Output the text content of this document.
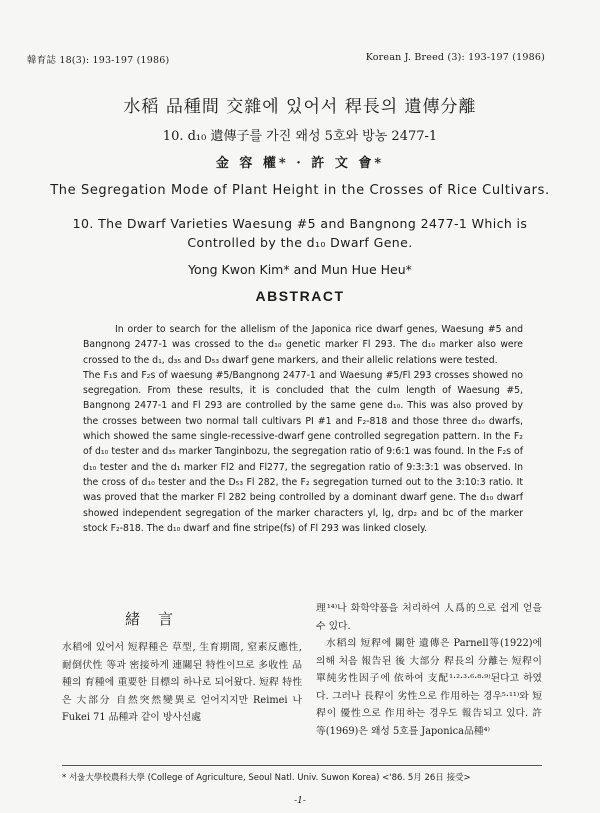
韓育誌 18(3): 193-197 (1986)	Korean J. Breed (3): 193-197 (1986)
水稻 品種間 交雜에 있어서 稈長의 遺傳分離
10. d₁₀ 遺傳子를 가진 왜성 5호와 방농 2477-1
金 容 權* · 許 文 會*
The Segregation Mode of Plant Height in the Crosses of Rice Cultivars.
10. The Dwarf Varieties Waesung #5 and Bangnong 2477-1 Which is
Controlled by the d₁₀ Dwarf Gene.
Yong Kwon Kim* and Mun Hue Heu*
ABSTRACT

In order to search for the allelism of the Japonica rice dwarf genes, Waesung #5 and Bangnong 2477-1 was crossed to the d₁₀ genetic marker Fl 293. The d₁₀ marker also were crossed to the d₁, d₃₅ and D₅₃ dwarf gene markers, and their allelic relations were tested.

The F₁s and F₂s of waesung #5/Bangnong 2477-1 and Waesung #5/Fl 293 crosses showed no segregation. From these results, it is concluded that the culm length of Waesung #5, Bangnong 2477-1 and Fl 293 are controlled by the same gene d₁₀. This was also proved by the crosses between two normal tall cultivars PI #1 and F₂-818 and those three d₁₀ dwarfs, which showed the same single-recessive-dwarf gene controlled segregation pattern. In the F₂ of d₁₀ tester and d₃₅ marker Tanginbozu, the segregation ratio of 9:6:1 was found. In the F₂s of d₁₀ tester and the d₁ marker Fl2 and Fl277, the segregation ratio of 9:3:3:1 was observed. In the cross of d₁₀ tester and the D₅₃ Fl 282, the F₂ segregation turned out to the 3:10:3 ratio. It was proved that the marker Fl 282 being controlled by a dominant dwarf gene. The d₁₀ dwarf showed independent segregation of the marker characters yl, lg, drp₂ and bc of the marker stock F₂-818. The d₁₀ dwarf and fine stripe(fs) of Fl 293 was linked closely.

緒言

水稻에 있어서 短稈種은 草型, 生育期間, 窒素反應性, 耐倒伏性 等과 密接하게 連關된 特性이므로 多收性 品種의 育種에 重要한 目標의 하나로 되어왔다. 短稈 特性은 大部分 自然突然變異로 얻어지지만 Reimei 나 Fukei 71 品種과 같이 방사선處

理¹⁴⁾나 화학약품을 처리하여 人爲的으로 쉽게 얻을 수 있다.

水稻의 短稈에 關한 遺傳은 Parnell等(1922)에 의해 처음 報告된 後 大部分 稈長의 分離는 短稈이 單純劣性因子에 依하여 支配¹·²·³·⁶·⁸·⁹⁾된다고 하였다. 그러나 長稈이 劣性으로 作用하는 경우⁵·¹¹⁾와 短稈이 優性으로 作用하는 경우도 報告되고 있다. 許 等(1969)은 왜성 5호를 Japonica品種⁴⁾

* 서울大學校農科大學 (College of Agriculture, Seoul Natl. Univ. Suwon Korea) <'86. 5月 26日 接受>
-1-
